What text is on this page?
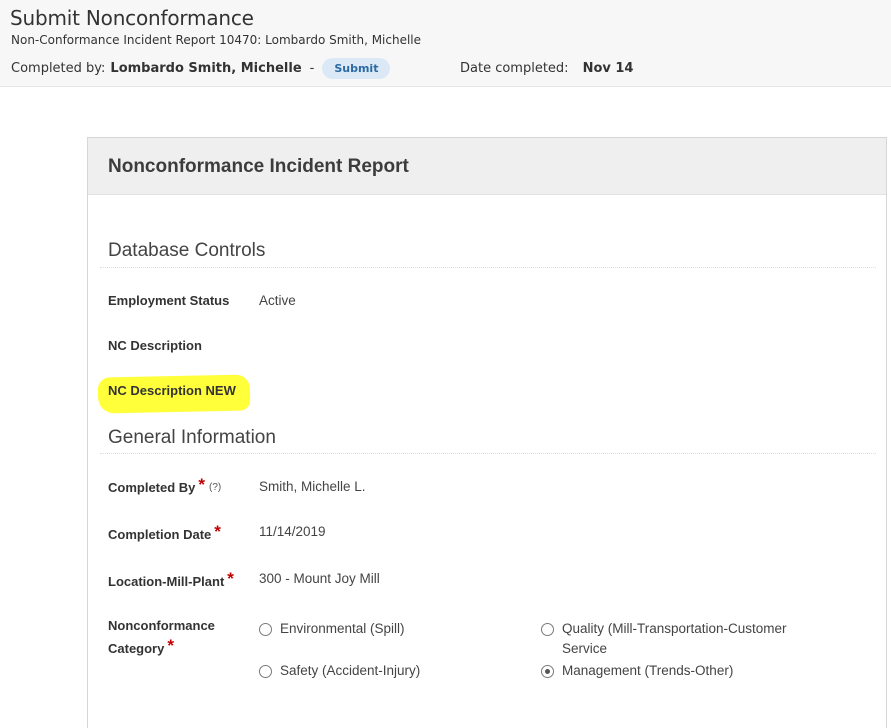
Submit Nonconformance
Non-Conformance Incident Report 10470: Lombardo Smith, Michelle
Completed by: Lombardo Smith, Michelle -	Submit	Date completed: Nov 14
Nonconformance Incident Report
Database Controls
Employment Status Active
NC Description
NC Description NEW
General Information
Completed By * (?)	Smith, Michelle L.
Completion Date *	11/14/2019
Location-Mill-Plant * 300 - Mount Joy Mill
Nonconformance
Category *
Environmental (Spill)	Quality (Mill-Transportation-Customer Service
Safety (Accident-Injury)	Management (Trends-Other)
